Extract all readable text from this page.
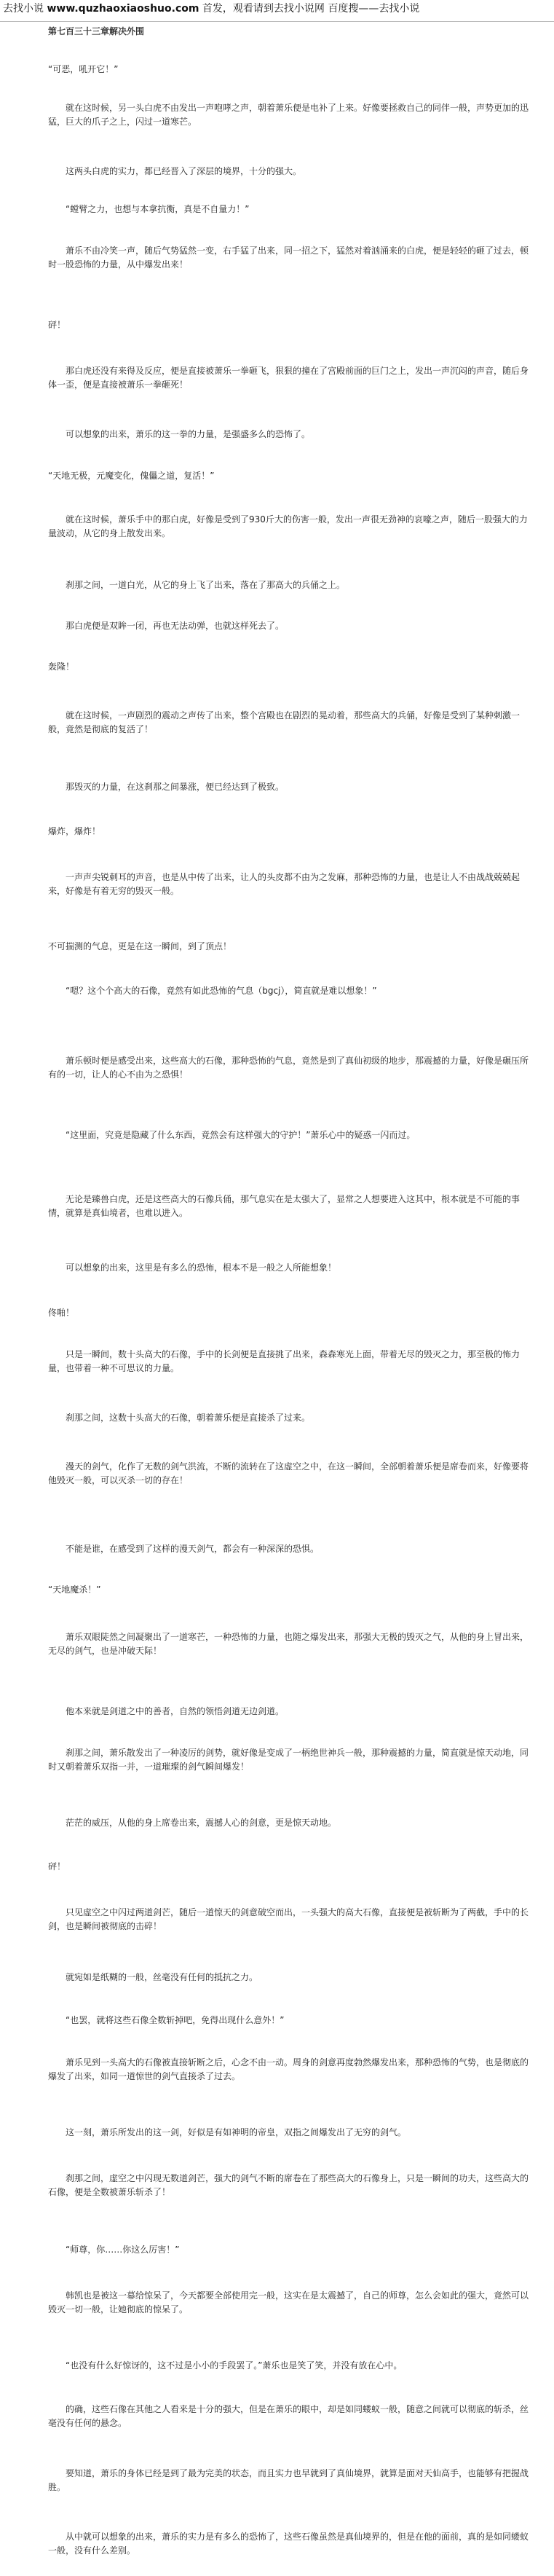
去找小说 www.quzhaoxiaoshuo.com 首发，观看请到去找小说网 百度搜——去找小说
第七百三十三章解决外围
“可恶，吼开它！”
就在这时候，另一头白虎不由发出一声咆哮之声，朝着萧乐便是电补了上来。好像要拯救自己的同伴一般，声势更加的迅猛，巨大的爪子之上，闪过一道寒芒。
这两头白虎的实力，都已经晋入了深层的境界，十分的强大。
“螳臂之力，也想与本拿抗衡，真是不自量力！”
萧乐不由冷笑一声，随后气势猛然一变，右手猛了出来，同一招之下，猛然对着汹涌来的白虎，便是轻轻的砸了过去，顿时一股恐怖的力量，从中爆发出来！
砰！
那白虎还没有来得及反应，便是直接被萧乐一拳砸飞，狠狠的撞在了宫殿前面的巨门之上，发出一声沉闷的声音，随后身体一歪，便是直接被萧乐一拳砸死！
可以想象的出来，萧乐的这一拳的力量，是强盛多么的恐怖了。
“天地无极，元魔变化，傀儡之道，复活！”
就在这时候，萧乐手中的那白虎，好像是受到了930斤大的伤害一般，发出一声很无劲神的哀嚎之声，随后一股强大的力量波动，从它的身上散发出来。
刹那之间，一道白光，从它的身上飞了出来，落在了那高大的兵俑之上。
那白虎便是双眸一闭，再也无法动弹，也就这样死去了。
轰隆！
就在这时候，一声剧烈的震动之声传了出来，整个宫殿也在剧烈的晃动着，那些高大的兵俑，好像是受到了某种刺激一般，竟然是彻底的复活了！
那毁灭的力量，在这刹那之间暴涨，便已经达到了极致。
爆炸，爆炸！
一声声尖锐刺耳的声音，也是从中传了出来，让人的头皮都不由为之发麻，那种恐怖的力量，也是让人不由战战兢兢起来，好像是有着无穷的毁灭一般。
不可揣测的气息，更是在这一瞬间，到了顶点！
“嗯？这个个高大的石像，竟然有如此恐怖的气息（bgcj），简直就是难以想象！”
萧乐顿时便是感受出来，这些高大的石像，那种恐怖的气息，竟然是到了真仙初级的地步，那震撼的力量，好像是碾压所有的一切，让人的心不由为之恐惧！
“这里面，究竟是隐藏了什么东西，竟然会有这样强大的守护！”萧乐心中的疑惑一闪而过。
无论是臻兽白虎，还是这些高大的石像兵俑，那气息实在是太强大了，显常之人想要进入这其中，根本就是不可能的事情，就算是真仙境者，也难以进入。
可以想象的出来，这里是有多么的恐怖，根本不是一般之人所能想象！
佟啪！
只是一瞬间，数十头高大的石像，手中的长剑便是直接挑了出来，森森寒光上面，带着无尽的毁灭之力，那至极的怖力量，也带着一种不可思议的力量。
刹那之间，这数十头高大的石像，朝着萧乐便是直接杀了过来。
漫天的剑气，化作了无数的剑气洪流，不断的流转在了这虚空之中，在这一瞬间，全部朝着萧乐便是席卷而来，好像要将他毁灭一般，可以灭杀一切的存在！
不能是谁，在感受到了这样的漫天剑气，都会有一种深深的恐惧。
“天地魔杀！”
萧乐双眼陡然之间凝聚出了一道寒芒，一种恐怖的力量，也随之爆发出来，那强大无极的毁灭之气，从他的身上冒出来，无尽的剑气，也是冲破天际！
他本来就是剑道之中的善者，自然的领悟剑道无边剑道。
刹那之间，萧乐散发出了一种凌厉的剑势，就好像是变成了一柄绝世神兵一般，那种震撼的力量，简直就是惊天动地，同时又朝着萧乐双指一并，一道璀璨的剑气瞬间爆发！
茫茫的威压，从他的身上席卷出来，震撼人心的剑意，更是惊天动地。
砰！
只见虚空之中闪过两道剑芒，随后一道惊天的剑意破空而出，一头强大的高大石像，直接便是被斩断为了两截，手中的长剑，也是瞬间被彻底的击碎！
就宛如是纸糊的一般，丝毫没有任何的抵抗之力。
“也罢，就将这些石像全数斩掉吧，免得出现什么意外！”
萧乐见到一头高大的石像被直接斩断之后，心念不由一动。周身的剑意再度勃然爆发出来，那种恐怖的气势，也是彻底的爆发了出来，如同一道惊世的剑气直接杀了过去。
这一刻，萧乐所发出的这一剑，好似是有如神明的帝皇，双指之间爆发出了无穷的剑气。
刹那之间，虚空之中闪现无数道剑芒，强大的剑气不断的席卷在了那些高大的石像身上，只是一瞬间的功夫，这些高大的石像，便是全数被萧乐斩杀了！
“师尊，你……你这么厉害！”
韩凯也是被这一幕给惊呆了，今天都要全部使用完一般，这实在是太震撼了，自己的师尊，怎么会如此的强大，竟然可以毁灭一切一般，让她彻底的惊呆了。
“也没有什么好惊讶的，这不过是小小的手段罢了。”萧乐也是笑了笑，并没有放在心中。
的确，这些石像在其他之人看来是十分的强大，但是在萧乐的眼中，却是如同蝼蚁一般，随意之间就可以彻底的斩杀，丝毫没有任何的悬念。
要知道，萧乐的身体已经是到了最为完美的状态，而且实力也早就到了真仙境界，就算是面对天仙高手，也能够有把握战胜。
从中就可以想象的出来，萧乐的实力是有多么的恐怖了，这些石像虽然是真仙境界的，但是在他的面前，真的是如同蝼蚁一般，没有什么差别。
